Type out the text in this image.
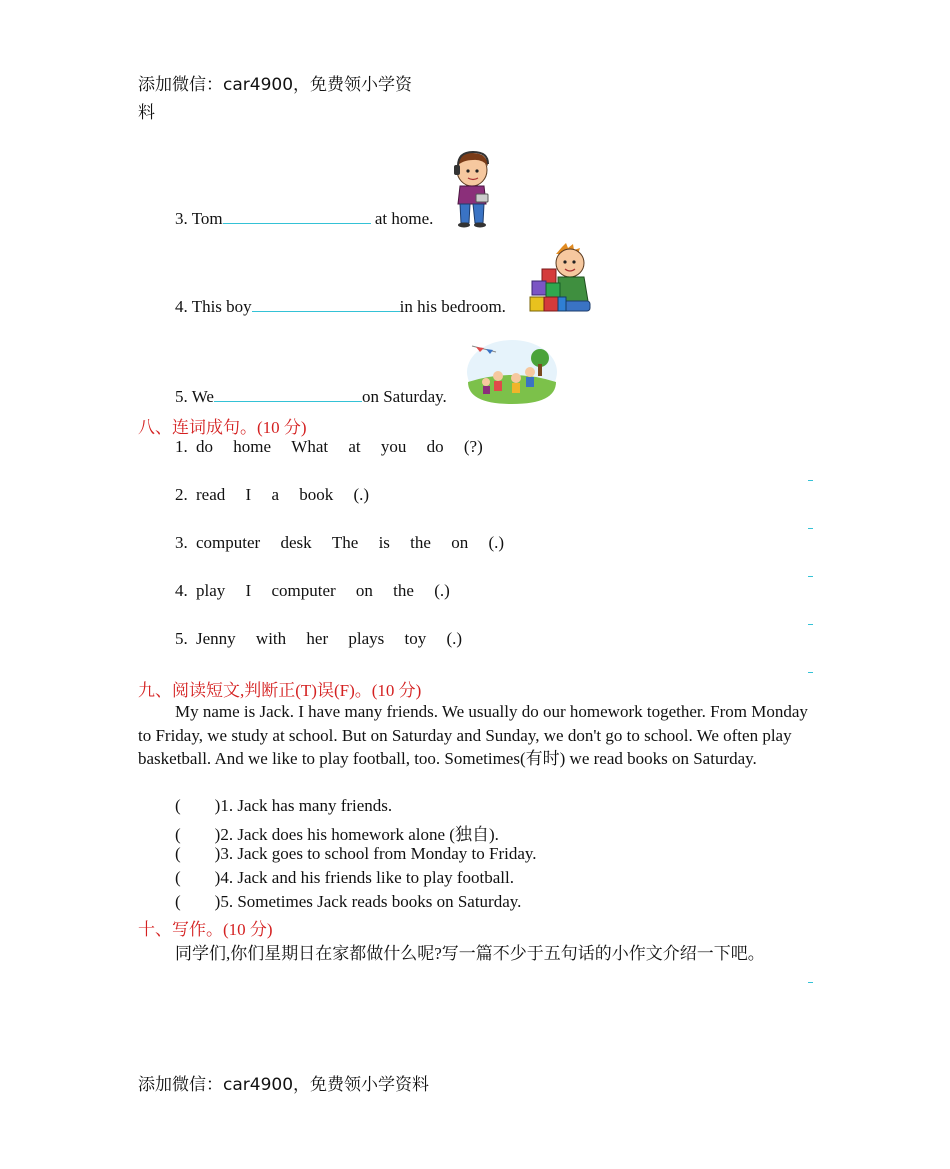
添加微信：car4900，免费领小学资
料
3. Tom	at home.
4. This boy	in his bedroom.
5. We	on Saturday.
八、连词成句。(10 分)
1. do home What at you do (?)
2. read I a book (.)
3. computer desk The is the on (.)
4. play I computer on the (.)
5. Jenny with her plays toy (.)
九、阅读短文,判断正(T)误(F)。(10 分)
My name is Jack. I have many friends. We usually do our homework together. From Monday to Friday, we study at school. But on Saturday and Sunday, we don't go to school. We often play basketball. And we like to play football, too. Sometimes(有时) we read books on Saturday.
(        )1. Jack has many friends.
(        )2. Jack does his homework alone (独自).
(        )3. Jack goes to school from Monday to Friday.
(        )4. Jack and his friends like to play football.
(        )5. Sometimes Jack reads books on Saturday.
十、写作。(10 分)
同学们,你们星期日在家都做什么呢?写一篇不少于五句话的小作文介绍一下吧。
添加微信：car4900，免费领小学资料
